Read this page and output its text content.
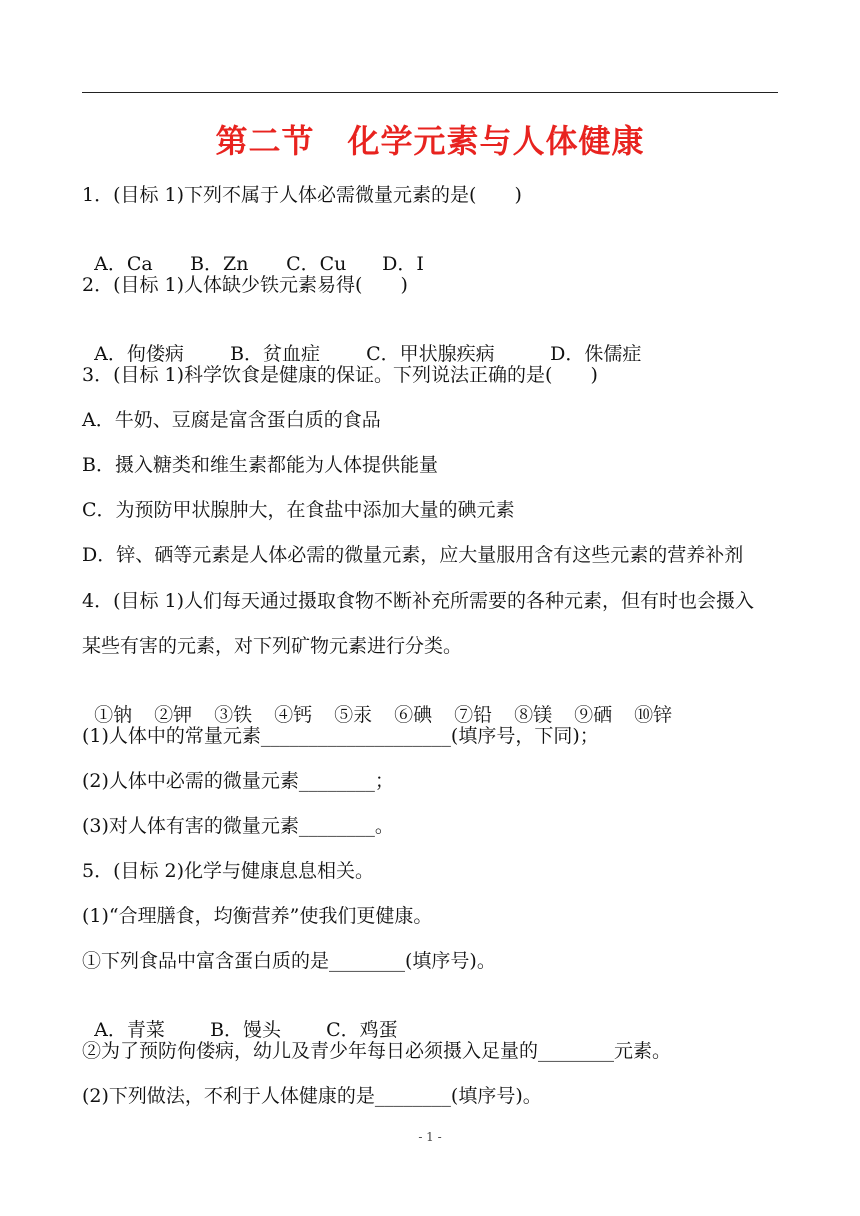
第二节　化学元素与人体健康
1．(目标 1)下列不属于人体必需微量元素的是(　　)

A．Ca B．Zn C．Cu D．I

2．(目标 1)人体缺少铁元素易得(　　)

A．佝偻病 B．贫血症 C．甲状腺疾病	D．侏儒症

3．(目标 1)科学饮食是健康的保证。下列说法正确的是(　　)
A．牛奶、豆腐是富含蛋白质的食品
B．摄入糖类和维生素都能为人体提供能量
C．为预防甲状腺肿大，在食盐中添加大量的碘元素
D．锌、硒等元素是人体必需的微量元素，应大量服用含有这些元素的营养补剂
4．(目标 1)人们每天通过摄取食物不断补充所需要的各种元素，但有时也会摄入
某些有害的元素，对下列矿物元素进行分类。

①钠 ②钾 ③铁 ④钙 ⑤汞 ⑥碘 ⑦铅 ⑧镁 ⑨硒 ⑩锌

(1)人体中的常量元素____________________(填序号，下同)；
(2)人体中必需的微量元素________；
(3)对人体有害的微量元素________。
5．(目标 2)化学与健康息息相关。
(1)“合理膳食，均衡营养”使我们更健康。
①下列食品中富含蛋白质的是________(填序号)。

A．青菜 B．馒头 C．鸡蛋

②为了预防佝偻病，幼儿及青少年每日必须摄入足量的________元素。
(2)下列做法，不利于人体健康的是________(填序号)。
- 1 -
